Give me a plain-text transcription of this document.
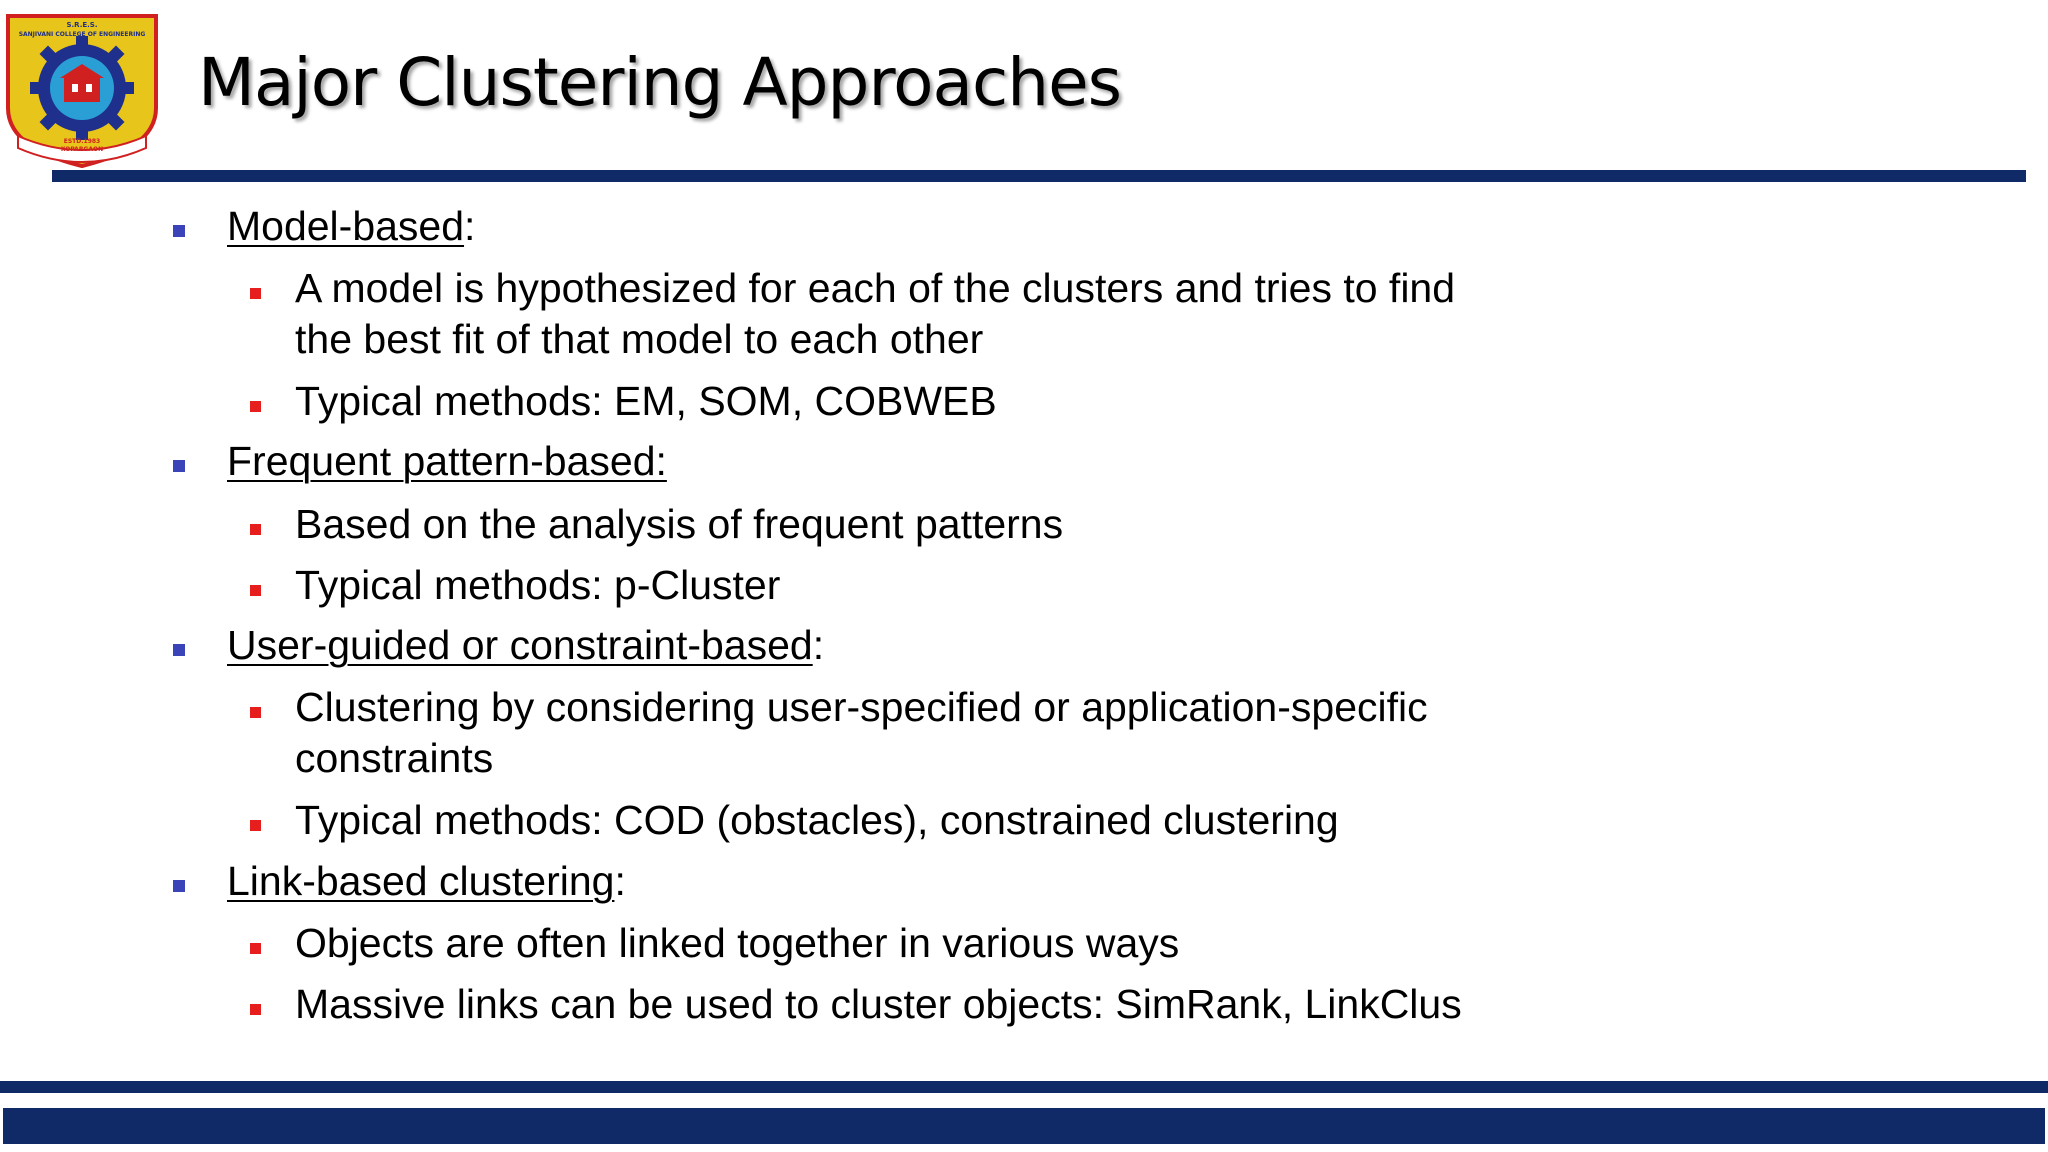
S.R.E.S.
SANJIVANI COLLEGE OF ENGINEERING
ESTD.1983
KOPARGAON
Major Clustering Approaches
Model-based:
A model is hypothesized for each of the clusters and tries to find
the best fit of that model to each other
Typical methods: EM, SOM, COBWEB
Frequent pattern-based:
Based on the analysis of frequent patterns
Typical methods: p-Cluster
User-guided or constraint-based:
Clustering by considering user-specified or application-specific
constraints
Typical methods: COD (obstacles), constrained clustering
Link-based clustering:
Objects are often linked together in various ways
Massive links can be used to cluster objects: SimRank, LinkClus
